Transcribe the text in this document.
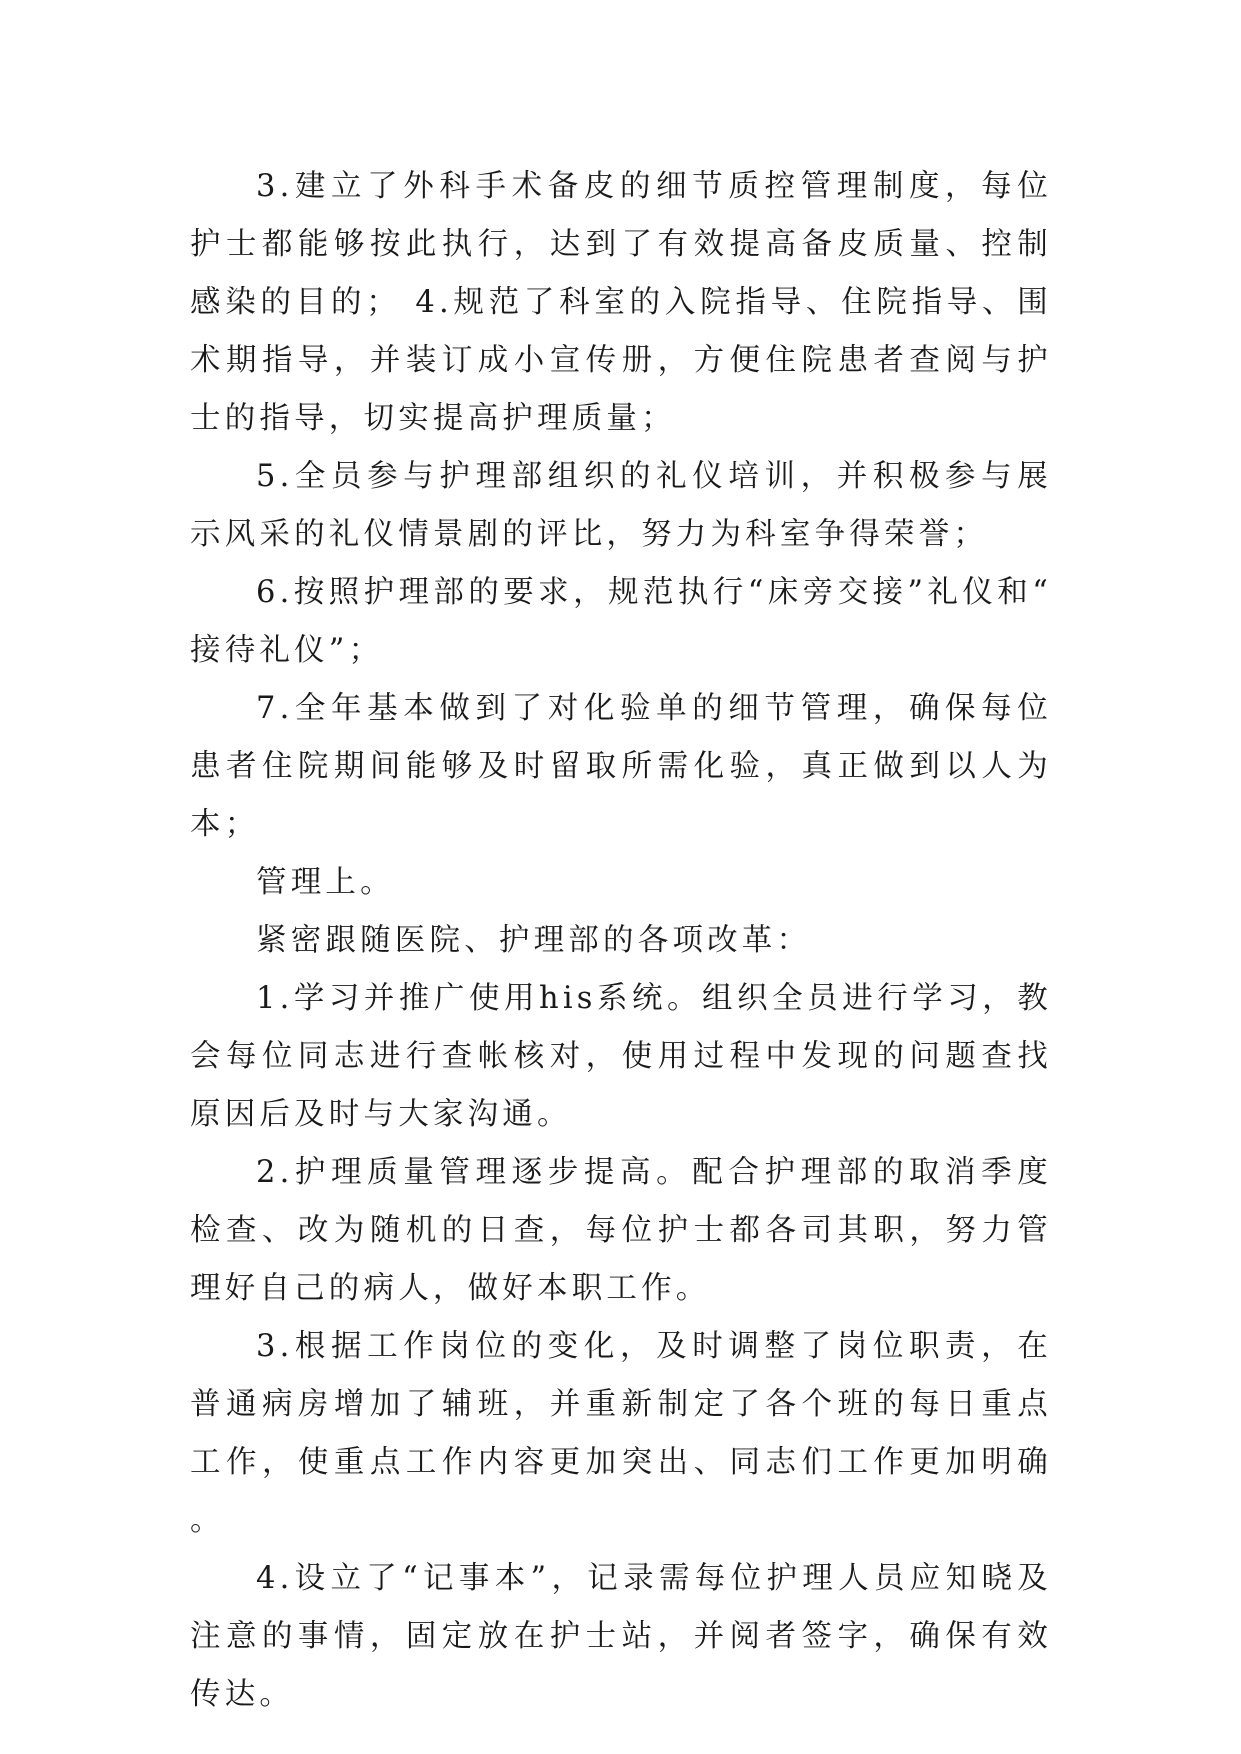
3.建立了外科手术备皮的细节质控管理制度，每位护士都能够按此执行，达到了有效提高备皮质量、控制感染的目的； 4.规范了科室的入院指导、住院指导、围术期指导，并装订成小宣传册，方便住院患者查阅与护士的指导，切实提高护理质量；

5.全员参与护理部组织的礼仪培训，并积极参与展示风采的礼仪情景剧的评比，努力为科室争得荣誉；

6.按照护理部的要求，规范执行“床旁交接”礼仪和“接待礼仪”；

7.全年基本做到了对化验单的细节管理，确保每位患者住院期间能够及时留取所需化验，真正做到以人为本；

管理上。

紧密跟随医院、护理部的各项改革：

1.学习并推广使用his系统。组织全员进行学习，教会每位同志进行查帐核对，使用过程中发现的问题查找原因后及时与大家沟通。

2.护理质量管理逐步提高。配合护理部的取消季度检查、改为随机的日查，每位护士都各司其职，努力管理好自己的病人，做好本职工作。

3.根据工作岗位的变化，及时调整了岗位职责，在普通病房增加了辅班，并重新制定了各个班的每日重点工作，使重点工作内容更加突出、同志们工作更加明确。

4.设立了“记事本”，记录需每位护理人员应知晓及注意的事情，固定放在护士站，并阅者签字，确保有效传达。
